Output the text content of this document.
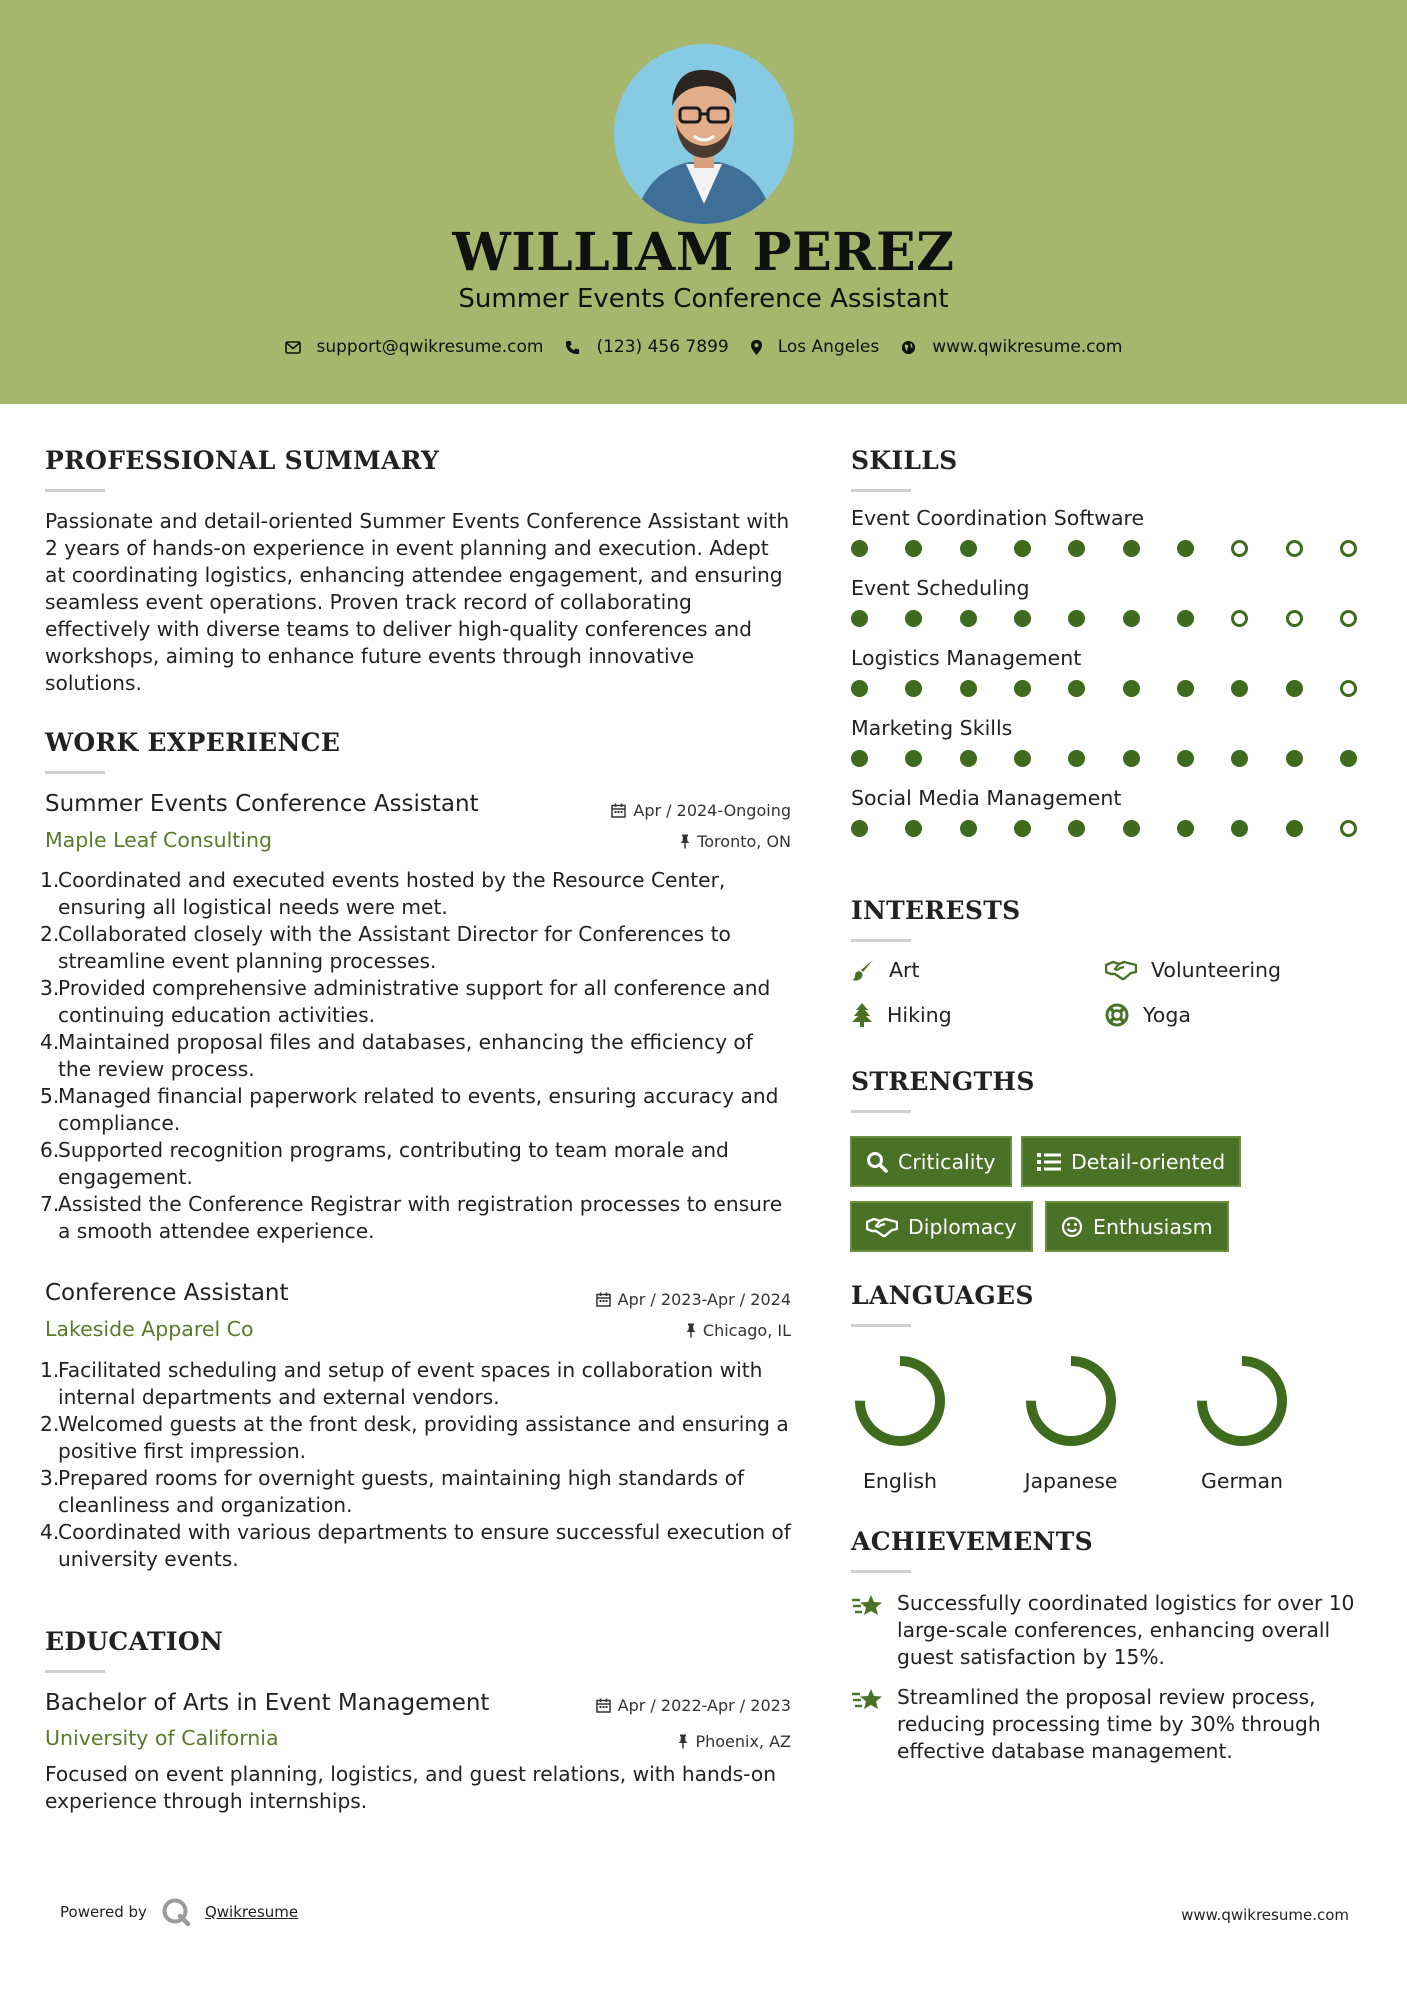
WILLIAM PEREZ
Summer Events Conference Assistant
support@qwikresume.com	(123) 456 7899	Los Angeles	www.qwikresume.com
PROFESSIONAL SUMMARY
Passionate and detail-oriented Summer Events Conference Assistant with 2 years of hands-on experience in event planning and execution. Adept at coordinating logistics, enhancing attendee engagement, and ensuring seamless event operations. Proven track record of collaborating effectively with diverse teams to deliver high-quality conferences and workshops, aiming to enhance future events through innovative solutions.
WORK EXPERIENCE
Summer Events Conference Assistant	Apr / 2024-Ongoing
Maple Leaf Consulting	Toronto, ON
1.
Coordinated and executed events hosted by the Resource Center, ensuring all logistical needs were met.
2.
Collaborated closely with the Assistant Director for Conferences to streamline event planning processes.
3.
Provided comprehensive administrative support for all conference and continuing education activities.
4.
Maintained proposal files and databases, enhancing the efficiency of the review process.
5.
Managed financial paperwork related to events, ensuring accuracy and compliance.
6.
Supported recognition programs, contributing to team morale and engagement.
7.
Assisted the Conference Registrar with registration processes to ensure a smooth attendee experience.
Conference Assistant	Apr / 2023-Apr / 2024
Lakeside Apparel Co	Chicago, IL
1.
Facilitated scheduling and setup of event spaces in collaboration with internal departments and external vendors.
2.
Welcomed guests at the front desk, providing assistance and ensuring a positive first impression.
3.
Prepared rooms for overnight guests, maintaining high standards of cleanliness and organization.
4.
Coordinated with various departments to ensure successful execution of university events.
EDUCATION
Bachelor of Arts in Event Management	Apr / 2022-Apr / 2023
University of California	Phoenix, AZ
Focused on event planning, logistics, and guest relations, with hands-on experience through internships.
SKILLS
Event Coordination Software
Event Scheduling
Logistics Management
Marketing Skills
Social Media Management
INTERESTS
Art	Volunteering
Hiking	Yoga
STRENGTHS
Criticality	Detail-oriented
Diplomacy	Enthusiasm
LANGUAGES
English	Japanese	German
ACHIEVEMENTS
Successfully coordinated logistics for over 10 large-scale conferences, enhancing overall guest satisfaction by 15%.
Streamlined the proposal review process, reducing processing time by 30% through effective database management.
Powered by	Qwikresume	www.qwikresume.com
